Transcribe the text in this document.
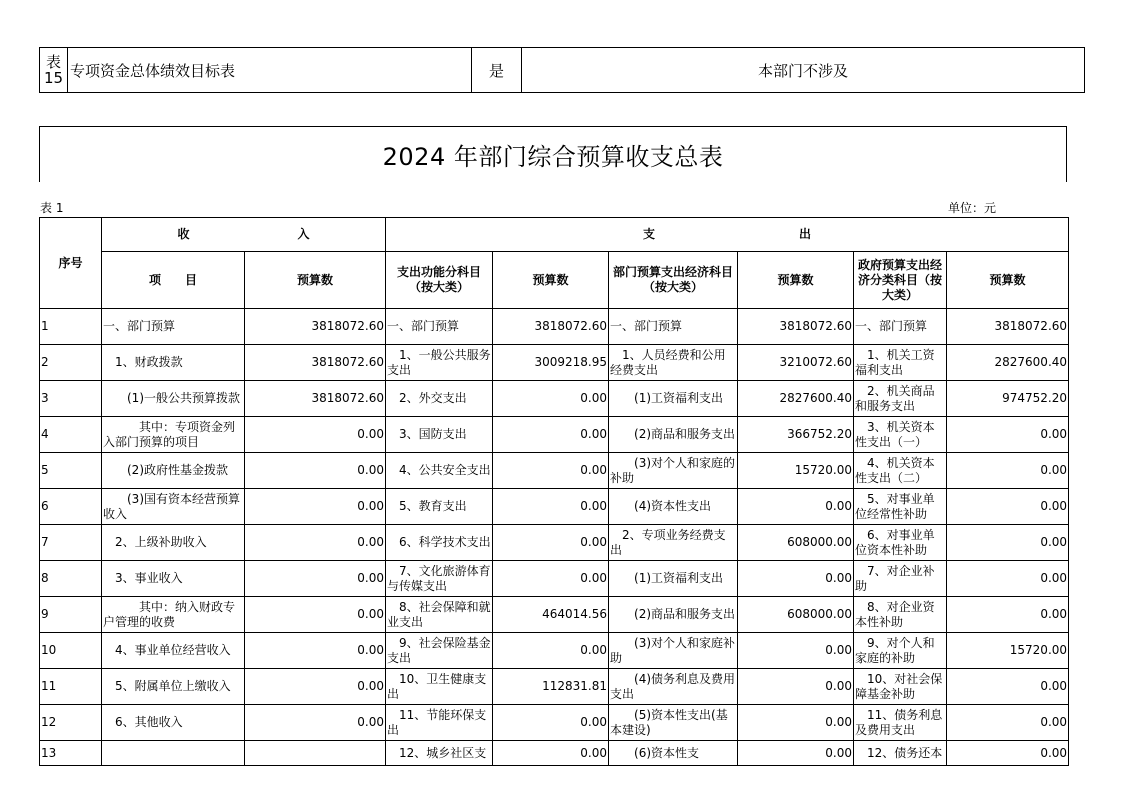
表
15 专项资金总体绩效目标表	是	本部门不涉及
2024 年部门综合预算收支总表
表 1	单位：元
序号	收　　　　　　　　　入		支　　　　　　　　　　　　出					
	项　　目	预算数	支出功能分科目（按大类）	预算数	部门预算支出经济科目（按大类）	预算数	政府预算支出经济分类科目（按大类）	预算数
1	一、部门预算	3818072.60	一、部门预算	3818072.60	一、部门预算	3818072.60	一、部门预算	3818072.60
2	　1、财政拨款	3818072.60	　1、一般公共服务支出	3009218.95	　1、人员经费和公用经费支出	3210072.60	　1、机关工资福利支出	2827600.40
3	　　(1)一般公共预算拨款	3818072.60	　2、外交支出	0.00	　　(1)工资福利支出	2827600.40	　2、机关商品和服务支出	974752.20
4	　　　其中：专项资金列入部门预算的项目	0.00	　3、国防支出	0.00	　　(2)商品和服务支出	366752.20	　3、机关资本性支出（一）	0.00
5	　　(2)政府性基金拨款	0.00	　4、公共安全支出	0.00	　　(3)对个人和家庭的补助	15720.00	　4、机关资本性支出（二）	0.00
6	　　(3)国有资本经营预算收入	0.00	　5、教育支出	0.00	　　(4)资本性支出	0.00	　5、对事业单位经常性补助	0.00
7	　2、上级补助收入	0.00	　6、科学技术支出	0.00	　2、专项业务经费支出	608000.00	　6、对事业单位资本性补助	0.00
8	　3、事业收入	0.00	　7、文化旅游体育与传媒支出	0.00	　　(1)工资福利支出	0.00	　7、对企业补助	0.00
9	　　　其中：纳入财政专户管理的收费	0.00	　8、社会保障和就业支出	464014.56	　　(2)商品和服务支出	608000.00	　8、对企业资本性补助	0.00
10	　4、事业单位经营收入	0.00	　9、社会保险基金支出	0.00	　　(3)对个人和家庭补助	0.00	　9、对个人和家庭的补助	15720.00
11	　5、附属单位上缴收入	0.00	　10、卫生健康支出	112831.81	　　(4)债务利息及费用支出	0.00	　10、对社会保障基金补助	0.00
12	　6、其他收入	0.00	　11、节能环保支出	0.00	　　(5)资本性支出(基本建设)	0.00	　11、债务利息及费用支出	0.00
13			　12、城乡社区支	0.00	　　(6)资本性支	0.00	　12、债务还本	0.00
